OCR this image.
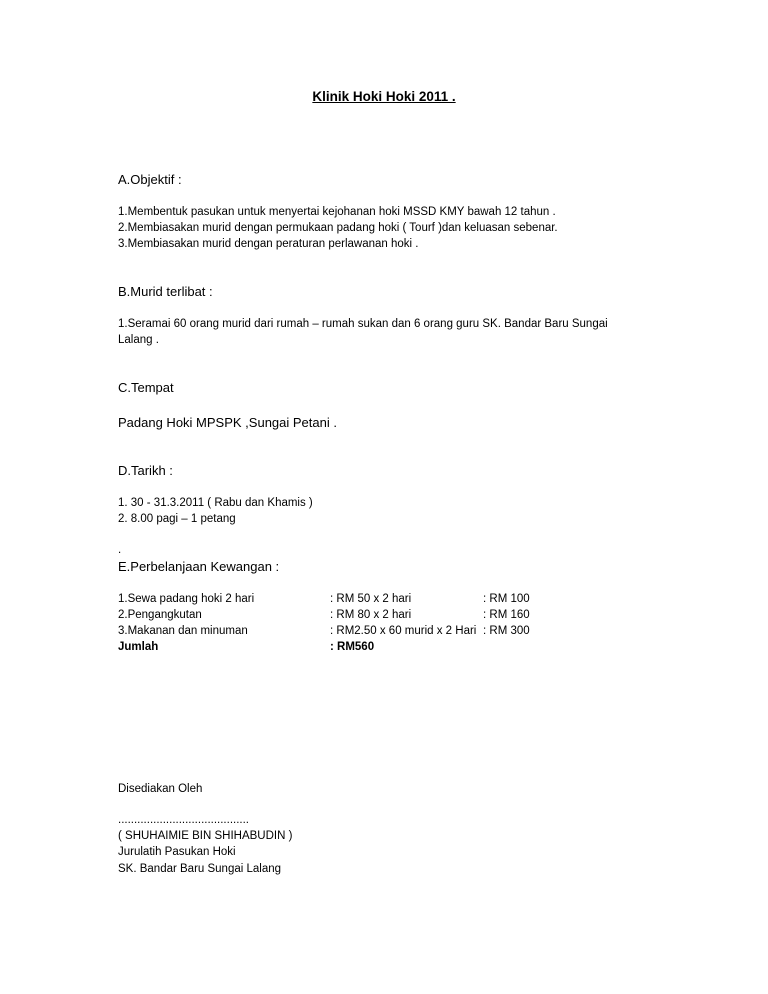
Klinik Hoki Hoki 2011 .
A.Objektif :
1.Membentuk pasukan untuk menyertai kejohanan hoki MSSD KMY bawah 12 tahun .
2.Membiasakan murid dengan permukaan padang hoki ( Tourf )dan keluasan sebenar.
3.Membiasakan murid dengan peraturan perlawanan hoki .
B.Murid terlibat :
1.Seramai 60 orang murid dari rumah – rumah sukan dan 6 orang guru SK. Bandar Baru Sungai Lalang .
C.Tempat
Padang Hoki MPSPK ,Sungai Petani .
D.Tarikh :
1. 30 - 31.3.2011 ( Rabu dan Khamis )
2. 8.00 pagi – 1 petang
.
E.Perbelanjaan Kewangan :
1.Sewa padang hoki 2 hari	: RM 50 x 2 hari	: RM 100
2.Pengangkutan	: RM 80 x 2 hari	: RM 160
3.Makanan dan minuman	: RM2.50 x 60 murid x 2 Hari : RM 300
Jumlah	: RM560
Disediakan Oleh
.........................................
( SHUHAIMIE BIN SHIHABUDIN )
Jurulatih Pasukan Hoki
SK. Bandar Baru Sungai Lalang
